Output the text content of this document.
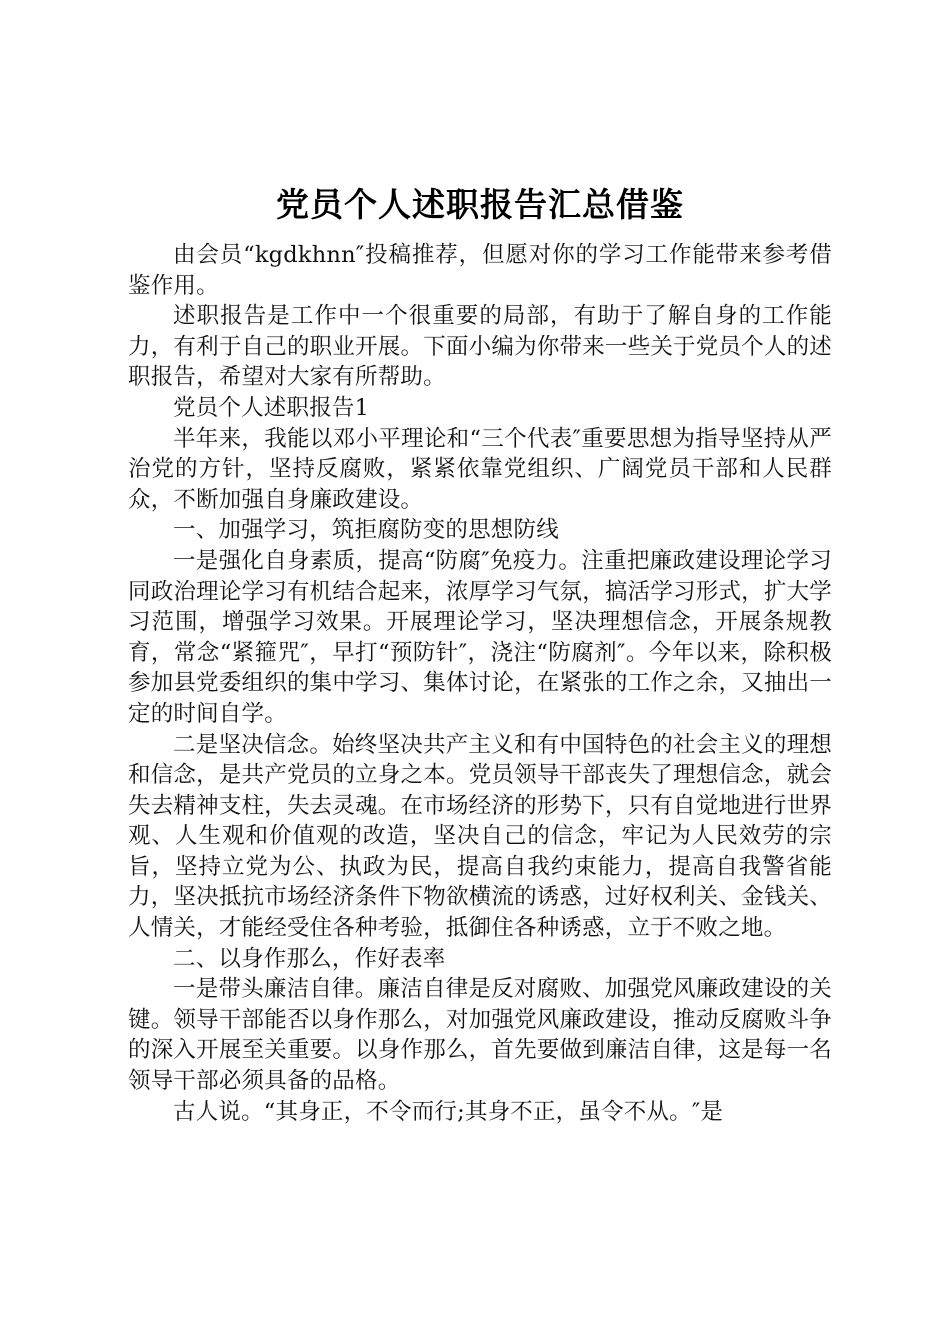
党员个人述职报告汇总借鉴

由会员“kgdkhnn″投稿推荐，但愿对你的学习工作能带来参考借鉴作用。

述职报告是工作中一个很重要的局部，有助于了解自身的工作能力，有利于自己的职业开展。下面小编为你带来一些关于党员个人的述职报告，希望对大家有所帮助。

党员个人述职报告1

半年来，我能以邓小平理论和“三个代表″重要思想为指导坚持从严治党的方针，坚持反腐败，紧紧依靠党组织、广阔党员干部和人民群众，不断加强自身廉政建设。

一、加强学习，筑拒腐防变的思想防线

一是强化自身素质，提高“防腐″免疫力。注重把廉政建设理论学习同政治理论学习有机结合起来，浓厚学习气氛，搞活学习形式，扩大学习范围，增强学习效果。开展理论学习，坚决理想信念，开展条规教育，常念“紧箍咒″，早打“预防针″，浇注“防腐剂″。今年以来，除积极参加县党委组织的集中学习、集体讨论，在紧张的工作之余，又抽出一定的时间自学。

二是坚决信念。始终坚决共产主义和有中国特色的社会主义的理想和信念，是共产党员的立身之本。党员领导干部丧失了理想信念，就会失去精神支柱，失去灵魂。在市场经济的形势下，只有自觉地进行世界观、人生观和价值观的改造，坚决自己的信念，牢记为人民效劳的宗旨，坚持立党为公、执政为民，提高自我约束能力，提高自我警省能力，坚决抵抗市场经济条件下物欲横流的诱惑，过好权利关、金钱关、人情关，才能经受住各种考验，抵御住各种诱惑，立于不败之地。

二、以身作那么，作好表率

一是带头廉洁自律。廉洁自律是反对腐败、加强党风廉政建设的关键。领导干部能否以身作那么，对加强党风廉政建设，推动反腐败斗争的深入开展至关重要。以身作那么，首先要做到廉洁自律，这是每一名领导干部必须具备的品格。

古人说。“其身正，不令而行;其身不正，虽令不从。″是
